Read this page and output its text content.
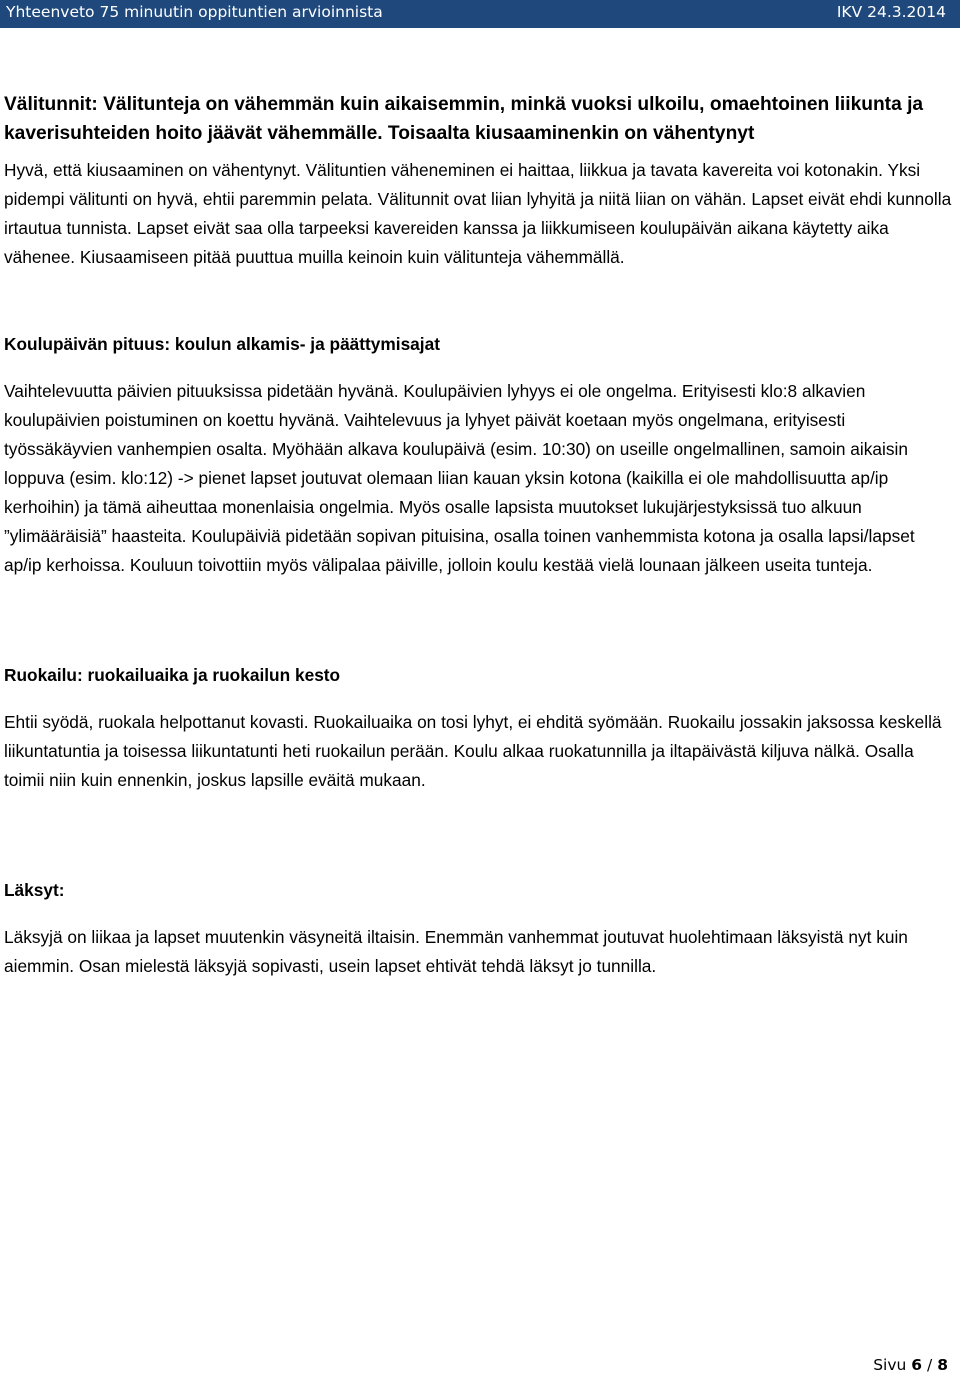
Yhteenveto 75 minuutin oppituntien arvioinnista	IKV 24.3.2014

Välitunnit: Välitunteja on vähemmän kuin aikaisemmin, minkä vuoksi ulkoilu, omaehtoinen liikunta ja kaverisuhteiden hoito jäävät vähemmälle. Toisaalta kiusaaminenkin on vähentynyt

Hyvä, että kiusaaminen on vähentynyt. Välituntien väheneminen ei haittaa, liikkua ja tavata kavereita voi kotonakin. Yksi pidempi välitunti on hyvä, ehtii paremmin pelata. Välitunnit ovat liian lyhyitä ja niitä liian on vähän. Lapset eivät ehdi kunnolla irtautua tunnista. Lapset eivät saa olla tarpeeksi kavereiden kanssa ja liikkumiseen koulupäivän aikana käytetty aika vähenee. Kiusaamiseen pitää puuttua muilla keinoin kuin välitunteja vähemmällä.

Koulupäivän pituus: koulun alkamis- ja päättymisajat

Vaihtelevuutta päivien pituuksissa pidetään hyvänä. Koulupäivien lyhyys ei ole ongelma. Erityisesti klo:8 alkavien koulupäivien poistuminen on koettu hyvänä. Vaihtelevuus ja lyhyet päivät koetaan myös ongelmana, erityisesti työssäkäyvien vanhempien osalta. Myöhään alkava koulupäivä (esim. 10:30) on useille ongelmallinen, samoin aikaisin loppuva (esim. klo:12) -> pienet lapset joutuvat olemaan liian kauan yksin kotona (kaikilla ei ole mahdollisuutta ap/ip kerhoihin) ja tämä aiheuttaa monenlaisia ongelmia. Myös osalle lapsista muutokset lukujärjestyksissä tuo alkuun ”ylimääräisiä” haasteita. Koulupäiviä pidetään sopivan pituisina, osalla toinen vanhemmista kotona ja osalla lapsi/lapset ap/ip kerhoissa. Kouluun toivottiin myös välipalaa päiville, jolloin koulu kestää vielä lounaan jälkeen useita tunteja.

Ruokailu: ruokailuaika ja ruokailun kesto

Ehtii syödä, ruokala helpottanut kovasti. Ruokailuaika on tosi lyhyt, ei ehditä syömään. Ruokailu jossakin jaksossa keskellä liikuntatuntia ja toisessa liikuntatunti heti ruokailun perään. Koulu alkaa ruokatunnilla ja iltapäivästä kiljuva nälkä. Osalla toimii niin kuin ennenkin, joskus lapsille eväitä mukaan.

Läksyt:

Läksyjä on liikaa ja lapset muutenkin väsyneitä iltaisin. Enemmän vanhemmat joutuvat huolehtimaan läksyistä nyt kuin aiemmin. Osan mielestä läksyjä sopivasti, usein lapset ehtivät tehdä läksyt jo tunnilla.

Sivu 6 / 8
